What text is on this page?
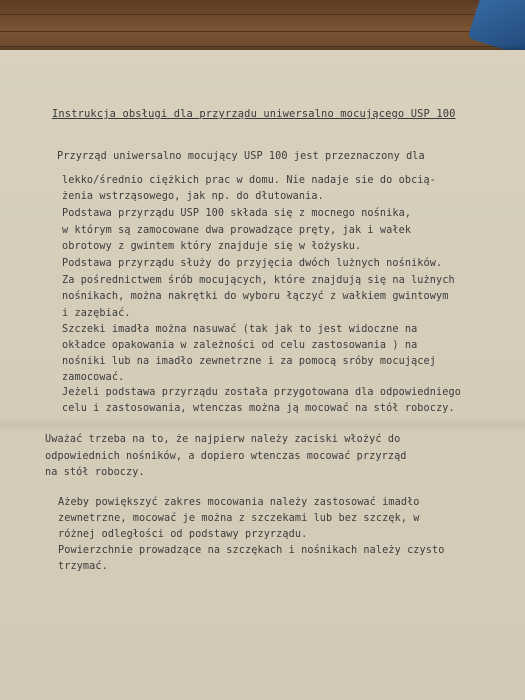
Instrukcja obsługi dla przyrządu uniwersalno mocującego USP 100
Przyrząd uniwersalno mocujący USP 100 jest przeznaczony dla
lekko/średnio ciężkich prac w domu. Nie nadaje sie do obcią-
żenia wstrząsowego, jak np. do dłutowania.
Podstawa przyrządu USP 100 składa się z mocnego nośnika,
w którym są zamocowane dwa prowadzące pręty, jak i wałek
obrotowy z gwintem który znajduje się w łożysku.
Podstawa przyrządu służy do przyjęcia dwóch lużnych nośników.
Za pośrednictwem śrób mocujących, które znajdują się na lużnych
nośnikach, można nakrętki do wyboru łączyć z wałkiem gwintowym
i zazębiać.
Szczeki imadła można nasuwać (tak jak to jest widoczne na
okładce opakowania w zależności od celu zastosowania ) na
nośniki lub na imadło zewnetrzne i za pomocą sróby mocującej
zamocować.
Jeżeli podstawa przyrządu została przygotowana dla odpowiedniego
celu i zastosowania, wtenczas można ją mocować na stół roboczy.
Uważać trzeba na to, że najpierw należy zaciski włożyć do
odpowiednich nośników, a dopiero wtenczas mocować przyrząd
na stół roboczy.
Ażeby powiększyć zakres mocowania należy zastosować imadło
zewnetrzne, mocować je można z szczekami lub bez szczęk, w
różnej odległości od podstawy przyrządu.
Powierzchnie prowadzące na szczękach i nośnikach należy czysto
trzymać.
